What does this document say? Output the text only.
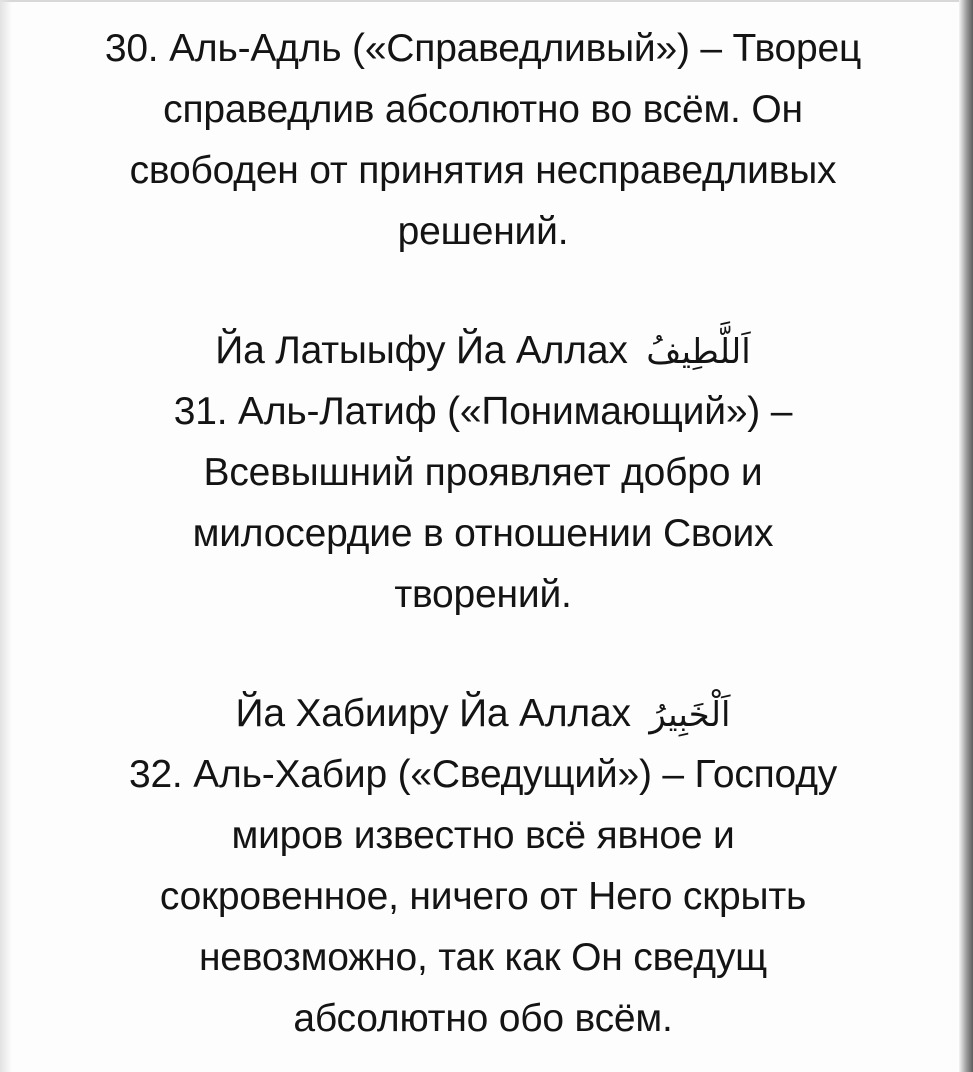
30. Аль-Адль («Справедливый») – Творец
справедлив абсолютно во всём. Он
свободен от принятия несправедливых
решений.
Йа Латыыфу Йа Аллах اَللَّطِيفُ
31. Аль-Латиф («Понимающий») –
Всевышний проявляет добро и
милосердие в отношении Своих
творений.
Йа Хабииру Йа Аллах اَلْخَبِيرُ
32. Аль-Хабир («Сведущий») – Господу
миров известно всё явное и
сокровенное, ничего от Него скрыть
невозможно, так как Он сведущ
абсолютно обо всём.
